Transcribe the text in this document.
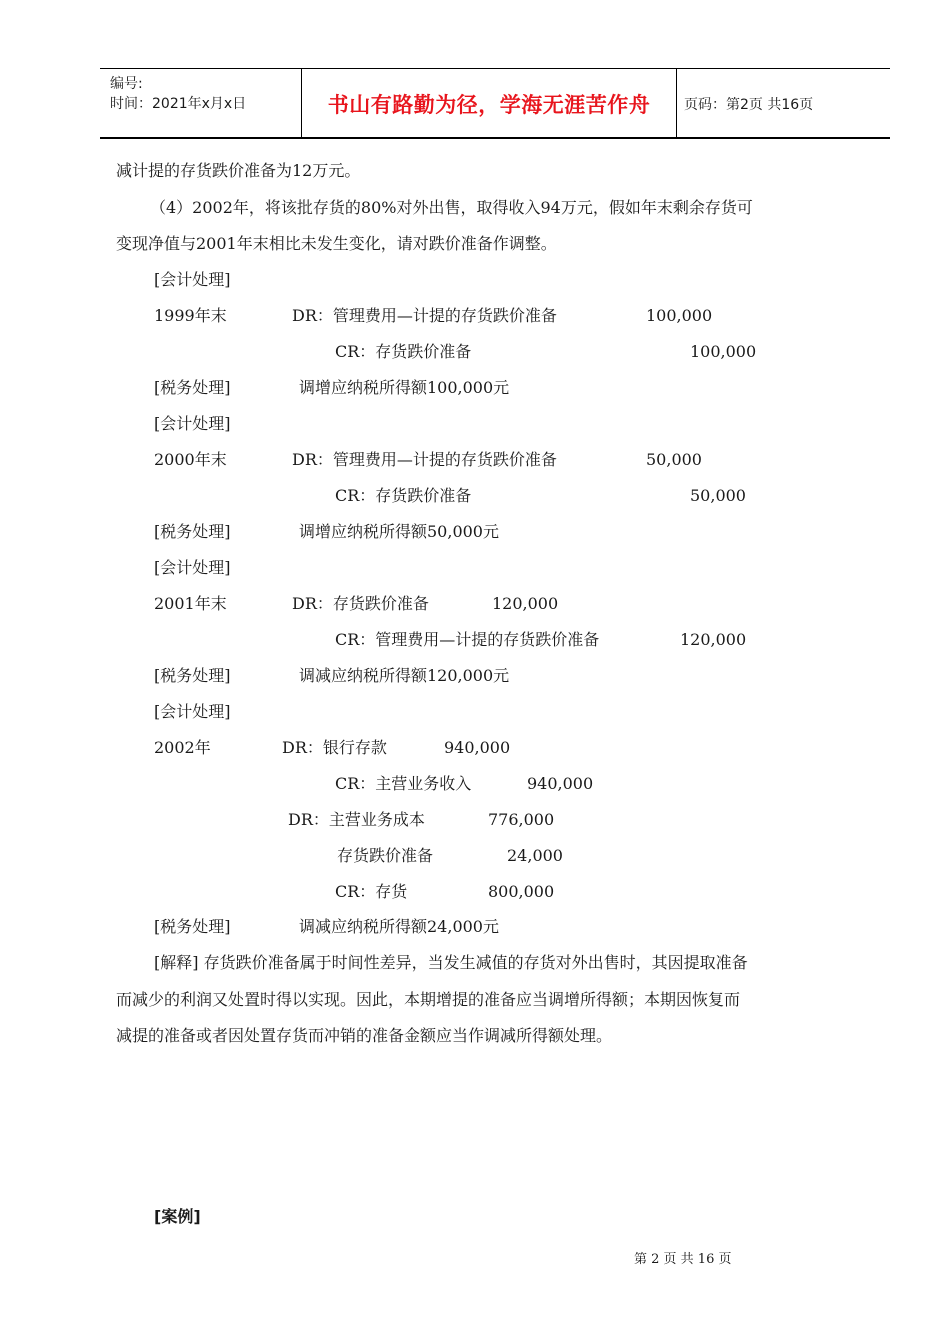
编号:
时间：2021年x月x日	书山有路勤为径，学海无涯苦作舟	页码：第2页 共16页
减计提的存货跌价准备为12万元。
（4）2002年，将该批存货的80%对外出售，取得收入94万元，假如年末剩余存货可
变现净值与2001年末相比未发生变化，请对跌价准备作调整。
[会计处理]
1999年末	DR：管理费用—计提的存货跌价准备	100,000
CR：存货跌价准备	100,000
[税务处理]	调增应纳税所得额100,000元
[会计处理]
2000年末	DR：管理费用—计提的存货跌价准备	50,000
CR：存货跌价准备	50,000
[税务处理]	调增应纳税所得额50,000元
[会计处理]
2001年末	DR：存货跌价准备	120,000
CR：管理费用—计提的存货跌价准备	120,000
[税务处理]	调减应纳税所得额120,000元
[会计处理]
2002年	DR：银行存款	940,000
CR：主营业务收入	940,000
DR：主营业务成本	776,000
存货跌价准备	24,000
CR：存货	800,000
[税务处理]	调减应纳税所得额24,000元
[解释] 存货跌价准备属于时间性差异，当发生减值的存货对外出售时，其因提取准备
而减少的利润又处置时得以实现。因此，本期增提的准备应当调增所得额；本期因恢复而
减提的准备或者因处置存货而冲销的准备金额应当作调减所得额处理。
[案例]
第 2 页 共 16 页
